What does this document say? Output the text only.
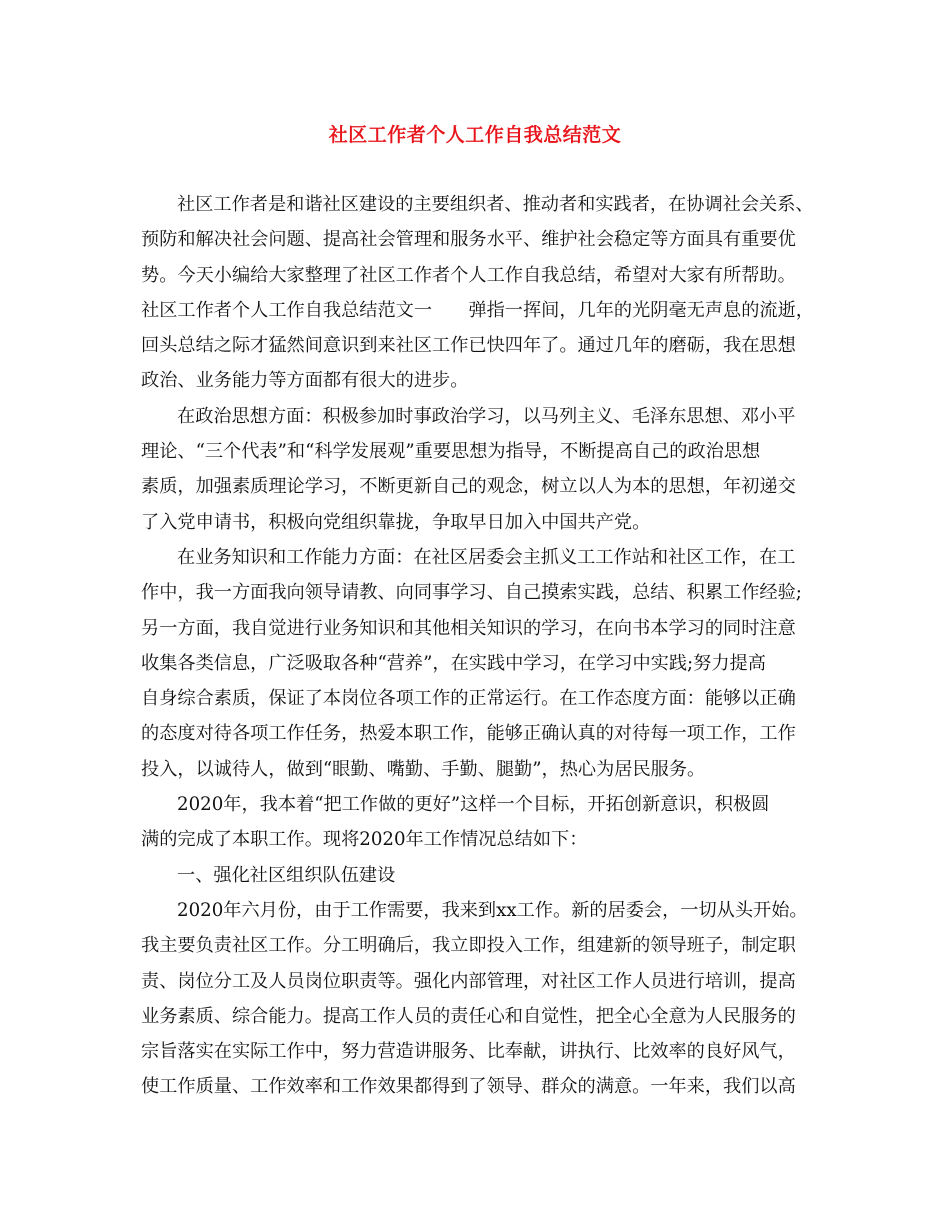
社区工作者个人工作自我总结范文
社区工作者是和谐社区建设的主要组织者、推动者和实践者，在协调社会关系、
预防和解决社会问题、提高社会管理和服务水平、维护社会稳定等方面具有重要优
势。今天小编给大家整理了社区工作者个人工作自我总结，希望对大家有所帮助。
社区工作者个人工作自我总结范文一　　弹指一挥间，几年的光阴毫无声息的流逝，
回头总结之际才猛然间意识到来社区工作已快四年了。通过几年的磨砺，我在思想
政治、业务能力等方面都有很大的进步。
在政治思想方面：积极参加时事政治学习，以马列主义、毛泽东思想、邓小平
理论、“三个代表”和“科学发展观”重要思想为指导，不断提高自己的政治思想
素质，加强素质理论学习，不断更新自己的观念，树立以人为本的思想，年初递交
了入党申请书，积极向党组织靠拢，争取早日加入中国共产党。
在业务知识和工作能力方面：在社区居委会主抓义工工作站和社区工作，在工
作中，我一方面我向领导请教、向同事学习、自己摸索实践，总结、积累工作经验;
另一方面，我自觉进行业务知识和其他相关知识的学习，在向书本学习的同时注意
收集各类信息，广泛吸取各种“营养”，在实践中学习，在学习中实践;努力提高
自身综合素质，保证了本岗位各项工作的正常运行。在工作态度方面：能够以正确
的态度对待各项工作任务，热爱本职工作，能够正确认真的对待每一项工作，工作
投入，以诚待人，做到“眼勤、嘴勤、手勤、腿勤”，热心为居民服务。
2020年，我本着“把工作做的更好”这样一个目标，开拓创新意识，积极圆
满的完成了本职工作。现将2020年工作情况总结如下：
一、强化社区组织队伍建设
2020年六月份，由于工作需要，我来到xx工作。新的居委会，一切从头开始。
我主要负责社区工作。分工明确后，我立即投入工作，组建新的领导班子，制定职
责、岗位分工及人员岗位职责等。强化内部管理，对社区工作人员进行培训，提高
业务素质、综合能力。提高工作人员的责任心和自觉性，把全心全意为人民服务的
宗旨落实在实际工作中，努力营造讲服务、比奉献，讲执行、比效率的良好风气，
使工作质量、工作效率和工作效果都得到了领导、群众的满意。一年来，我们以高
